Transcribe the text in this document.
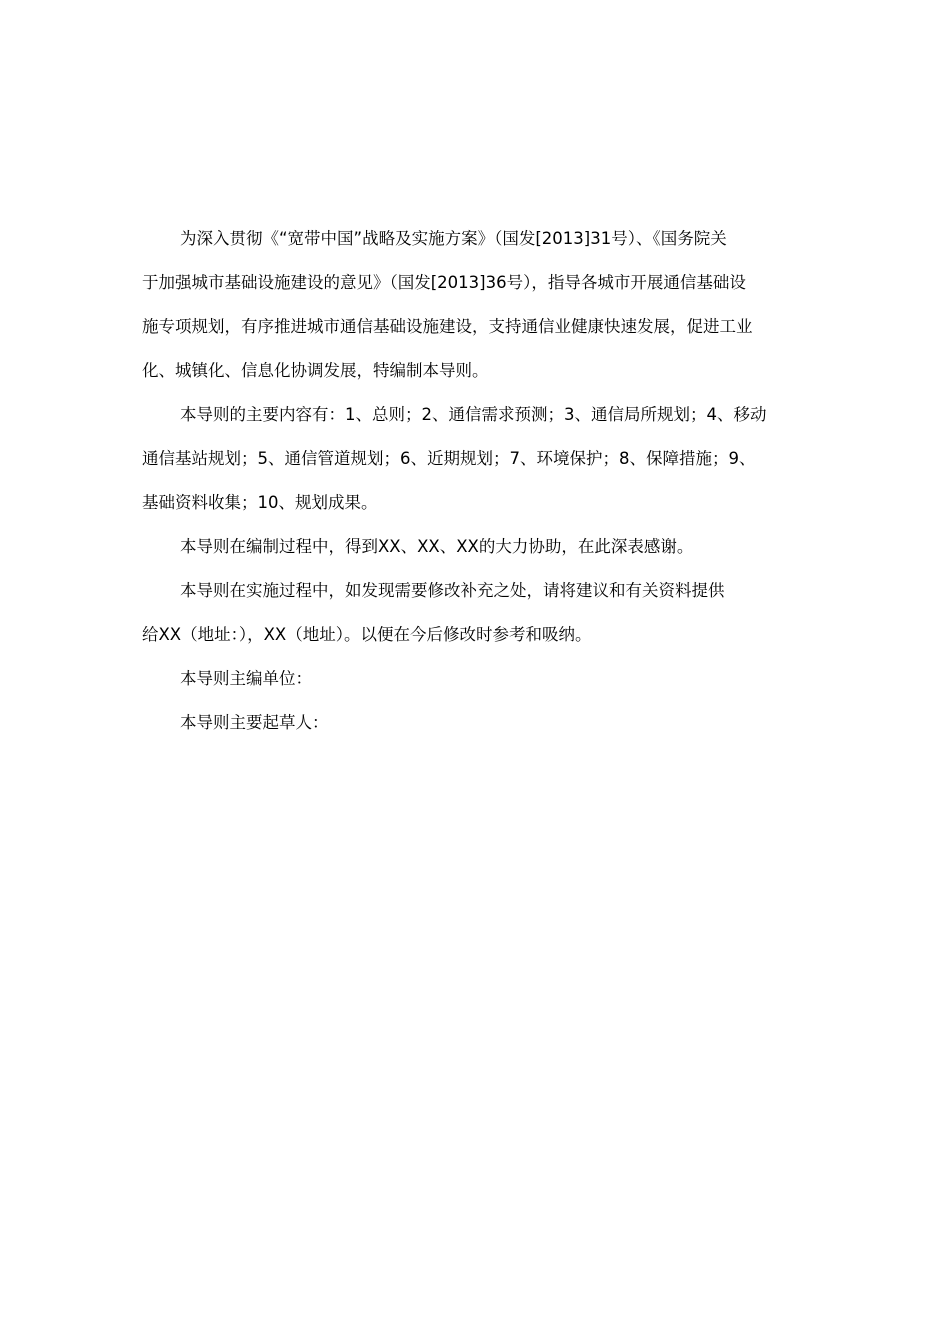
为深入贯彻《“宽带中国”战略及实施方案》（国发[2013]31号）、《国务院关
于加强城市基础设施建设的意见》（国发[2013]36号），指导各城市开展通信基础设
施专项规划，有序推进城市通信基础设施建设，支持通信业健康快速发展，促进工业
化、城镇化、信息化协调发展，特编制本导则。
本导则的主要内容有：1、总则；2、通信需求预测；3、通信局所规划；4、移动
通信基站规划；5、通信管道规划；6、近期规划；7、环境保护；8、保障措施；9、
基础资料收集；10、规划成果。
本导则在编制过程中，得到XX、XX、XX的大力协助，在此深表感谢。
本导则在实施过程中，如发现需要修改补充之处，请将建议和有关资料提供
给XX（地址：），XX（地址）。以便在今后修改时参考和吸纳。
本导则主编单位：
本导则主要起草人：
